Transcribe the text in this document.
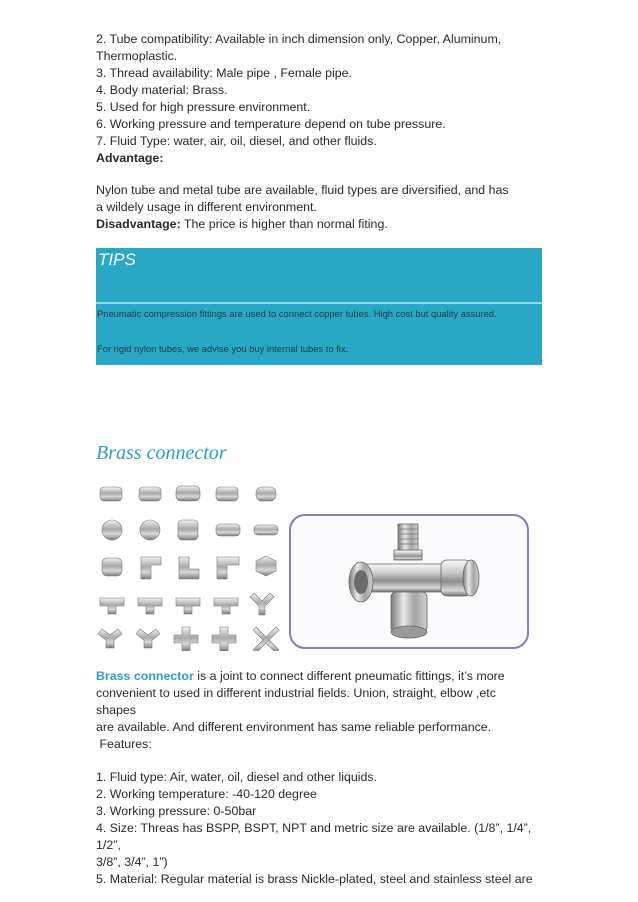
2. Tube compatibility: Available in inch dimension only, Copper, Aluminum,

Thermoplastic.

3. Thread availability: Male pipe , Female pipe.

4. Body material: Brass.

5. Used for high pressure environment.

6. Working pressure and temperature depend on tube pressure.

7. Fluid Type: water, air, oil, diesel, and other fluids.

Advantage:

Nylon tube and metal tube are available, fluid types are diversified, and has

a wildely usage in different environment.

Disadvantage: The price is higher than normal fiting.

TIPS
Pneumatic compression fittings are used to connect copper tubes. High cost but quality assured.
For rigid nylon tubes, we advise you buy internal tubes to fix.
Brass connector

Brass connector is a joint to connect different pneumatic fittings, it’s more

convenient to used in different industrial fields. Union, straight, elbow ,etc shapes

are available. And different environment has same reliable performance.

Features:

1. Fluid type: Air, water, oil, diesel and other liquids.

2. Working temperature: -40-120 degree

3. Working pressure: 0-50bar

4. Size: Threas has BSPP, BSPT, NPT and metric size are available. (1/8”, 1/4”, 1/2”,

3/8”, 3/4”, 1”)

5. Material: Regular material is brass Nickle-plated, steel and stainless steel are
